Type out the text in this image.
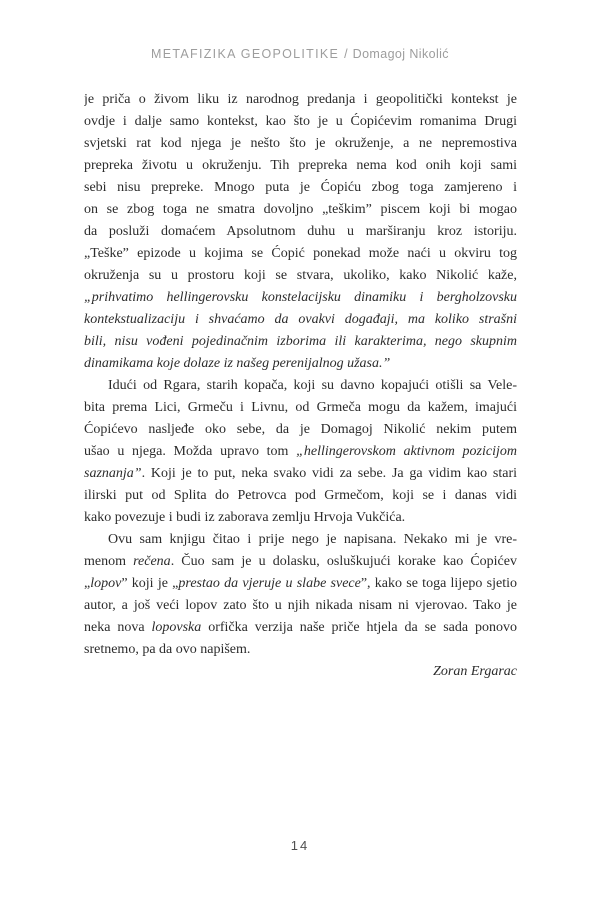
METAFIZIKA GEOPOLITIKE / Domagoj Nikolić
je priča o živom liku iz narodnog predanja i geopolitički kontekst je
ovdje i dalje samo kontekst, kao što je u Ćopićevim romanima Drugi
svjetski rat kod njega je nešto što je okruženje, a ne nepremostiva
prepreka životu u okruženju. Tih prepreka nema kod onih koji sami
sebi nisu prepreke. Mnogo puta je Ćopiću zbog toga zamjereno i
on se zbog toga ne smatra dovoljno „teškim” piscem koji bi mogao
da posluži domaćem Apsolutnom duhu u marširanju kroz istoriju.
„Teške” epizode u kojima se Ćopić ponekad može naći u okviru tog
okruženja su u prostoru koji se stvara, ukoliko, kako Nikolić kaže,
„prihvatimo hellingerovsku konstelacijsku dinamiku i bergholzovsku
kontekstualizaciju i shvaćamo da ovakvi događaji, ma koliko strašni
bili, nisu vođeni pojedinačnim izborima ili karakterima, nego skupnim
dinamikama koje dolaze iz našeg perenijalnog užasa.”
Idući od Rgara, starih kopača, koji su davno kopajući otišli sa Vele-
bita prema Lici, Grmeču i Livnu, od Grmeča mogu da kažem, imajući
Ćopićevo nasljeđe oko sebe, da je Domagoj Nikolić nekim putem
ušao u njega. Možda upravo tom „hellingerovskom aktivnom pozicijom
saznanja”. Koji je to put, neka svako vidi za sebe. Ja ga vidim kao stari
ilirski put od Splita do Petrovca pod Grmečom, koji se i danas vidi
kako povezuje i budi iz zaborava zemlju Hrvoja Vukčića.
Ovu sam knjigu čitao i prije nego je napisana. Nekako mi je vre-
menom rečena. Čuo sam je u dolasku, osluškujući korake kao Ćopićev
„lopov” koji je „prestao da vjeruje u slabe svece”, kako se toga lijepo sjetio
autor, a još veći lopov zato što u njih nikada nisam ni vjerovao. Tako je
neka nova lopovska orfička verzija naše priče htjela da se sada ponovo
sretnemo, pa da ovo napišem.
Zoran Ergarac
14
